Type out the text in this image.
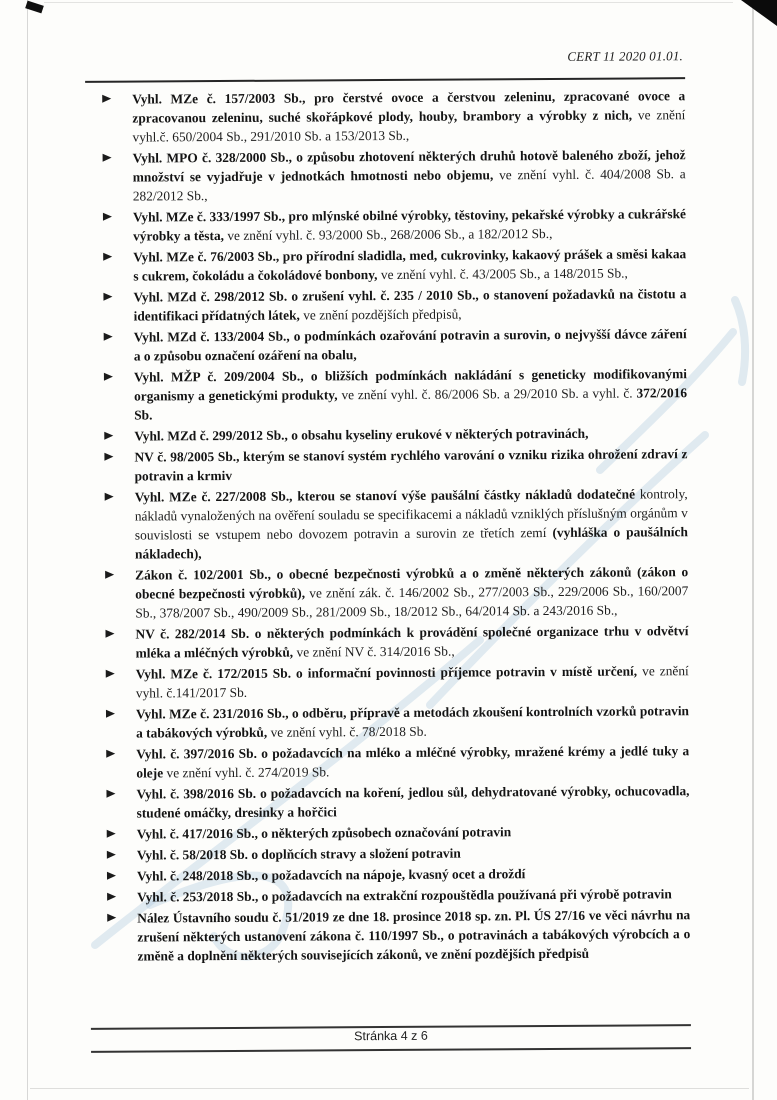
CERT 11 2020 01.01.
Vyhl. MZe č. 157/2003 Sb., pro čerstvé ovoce a čerstvou zeleninu, zpracované ovoce a zpracovanou zeleninu, suché skořápkové plody, houby, brambory a výrobky z nich, ve znění vyhl.č. 650/2004 Sb., 291/2010 Sb. a 153/2013 Sb.,
Vyhl. MPO č. 328/2000 Sb., o způsobu zhotovení některých druhů hotově baleného zboží, jehož množství se vyjadřuje v jednotkách hmotnosti nebo objemu, ve znění vyhl. č. 404/2008 Sb. a 282/2012 Sb.,
Vyhl. MZe č. 333/1997 Sb., pro mlýnské obilné výrobky, těstoviny, pekařské výrobky a cukrářské výrobky a těsta, ve znění vyhl. č. 93/2000 Sb., 268/2006 Sb., a 182/2012 Sb.,
Vyhl. MZe č. 76/2003 Sb., pro přírodní sladidla, med, cukrovinky, kakaový prášek a směsi kakaa s cukrem, čokoládu a čokoládové bonbony, ve znění vyhl. č. 43/2005 Sb., a 148/2015 Sb.,
Vyhl. MZd č. 298/2012 Sb. o zrušení vyhl. č. 235 / 2010 Sb., o stanovení požadavků na čistotu a identifikaci přídatných látek, ve znění pozdějších předpisů,
Vyhl. MZd č. 133/2004 Sb., o podmínkách ozařování potravin a surovin, o nejvyšší dávce záření a o způsobu označení ozáření na obalu,
Vyhl. MŽP č. 209/2004 Sb., o bližších podmínkách nakládání s geneticky modifikovanými organismy a genetickými produkty, ve znění vyhl. č. 86/2006 Sb. a 29/2010 Sb. a vyhl. č. 372/2016 Sb.
Vyhl. MZd č. 299/2012 Sb., o obsahu kyseliny erukové v některých potravinách,
NV č. 98/2005 Sb., kterým se stanoví systém rychlého varování o vzniku rizika ohrožení zdraví z potravin a krmiv
Vyhl. MZe č. 227/2008 Sb., kterou se stanoví výše paušální částky nákladů dodatečné kontroly, nákladů vynaložených na ověření souladu se specifikacemi a nákladů vzniklých příslušným orgánům v souvislosti se vstupem nebo dovozem potravin a surovin ze třetích zemí (vyhláška o paušálních nákladech),
Zákon č. 102/2001 Sb., o obecné bezpečnosti výrobků a o změně některých zákonů (zákon o obecné bezpečnosti výrobků), ve znění zák. č. 146/2002 Sb., 277/2003 Sb., 229/2006 Sb., 160/2007 Sb., 378/2007 Sb., 490/2009 Sb., 281/2009 Sb., 18/2012 Sb., 64/2014 Sb. a 243/2016 Sb.,
NV č. 282/2014 Sb. o některých podmínkách k provádění společné organizace trhu v odvětví mléka a mléčných výrobků, ve znění NV č. 314/2016 Sb.,
Vyhl. MZe č. 172/2015 Sb. o informační povinnosti příjemce potravin v místě určení, ve znění vyhl. č.141/2017 Sb.
Vyhl. MZe č. 231/2016 Sb., o odběru, přípravě a metodách zkoušení kontrolních vzorků potravin a tabákových výrobků, ve znění vyhl. č. 78/2018 Sb.
Vyhl. č. 397/2016 Sb. o požadavcích na mléko a mléčné výrobky, mražené krémy a jedlé tuky a oleje ve znění vyhl. č. 274/2019 Sb.
Vyhl. č. 398/2016 Sb. o požadavcích na koření, jedlou sůl, dehydratované výrobky, ochucovadla, studené omáčky, dresinky a hořčici
Vyhl. č. 417/2016 Sb., o některých způsobech označování potravin
Vyhl. č. 58/2018 Sb. o doplňcích stravy a složení potravin
Vyhl. č. 248/2018 Sb., o požadavcích na nápoje, kvasný ocet a droždí
Vyhl. č. 253/2018 Sb., o požadavcích na extrakční rozpouštědla používaná při výrobě potravin
Nález Ústavního soudu č. 51/2019 ze dne 18. prosince 2018 sp. zn. Pl. ÚS 27/16 ve věci návrhu na zrušení některých ustanovení zákona č. 110/1997 Sb., o potravinách a tabákových výrobcích a o změně a doplnění některých souvisejících zákonů, ve znění pozdějších předpisů
Stránka 4 z 6
